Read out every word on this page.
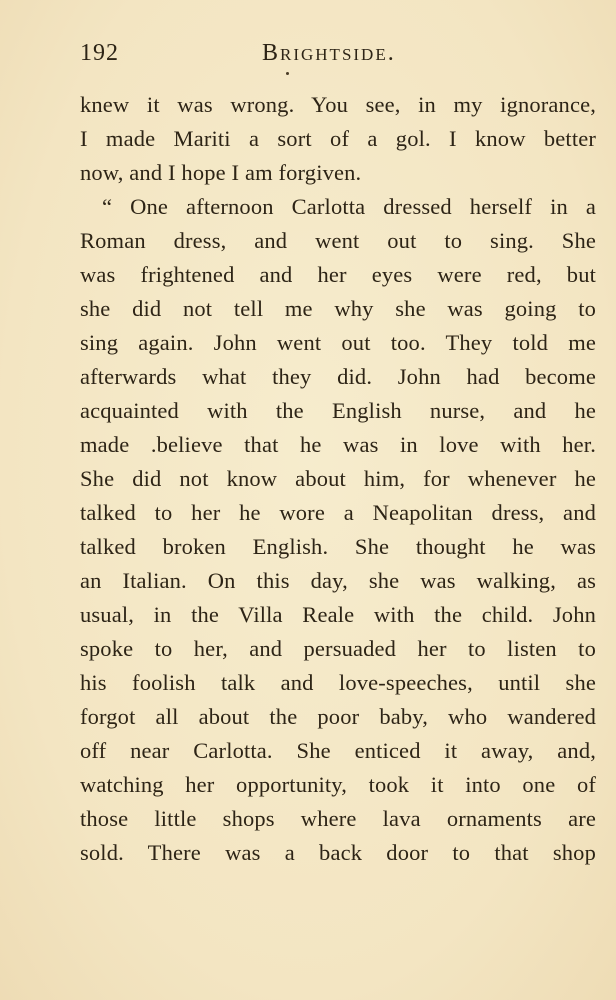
192	Brightside.
knew it was wrong. You see, in my ignorance,
I made Mariti a sort of a go‌l. I know better
now, and I hope I am forgiven.
“ One afternoon Carlotta dressed herself in a
Roman dress, and went out to sing. She
was frightened and her eyes were red, but
she did not tell me why she was going to
sing again. John went out too. They told me
afterwards what they did. John had become
acquainted with the English nurse, and he
made .believe that he was in love with her.
She did not know about him, for whenever he
talked to her he wore a Neapolitan dress, and
talked broken English. She thought he was
an Italian. On this day, she was walking, as
usual, in the Villa Reale with the child. John
spoke to her, and persuaded her to listen to
his foolish talk and love-speeches, until she
forgot all about the poor baby, who wandered
off near Carlotta. She enticed it away, and,
watching her opportunity, took it into one of
those little shops where lava ornaments are
sold. There was a back door to that shop
